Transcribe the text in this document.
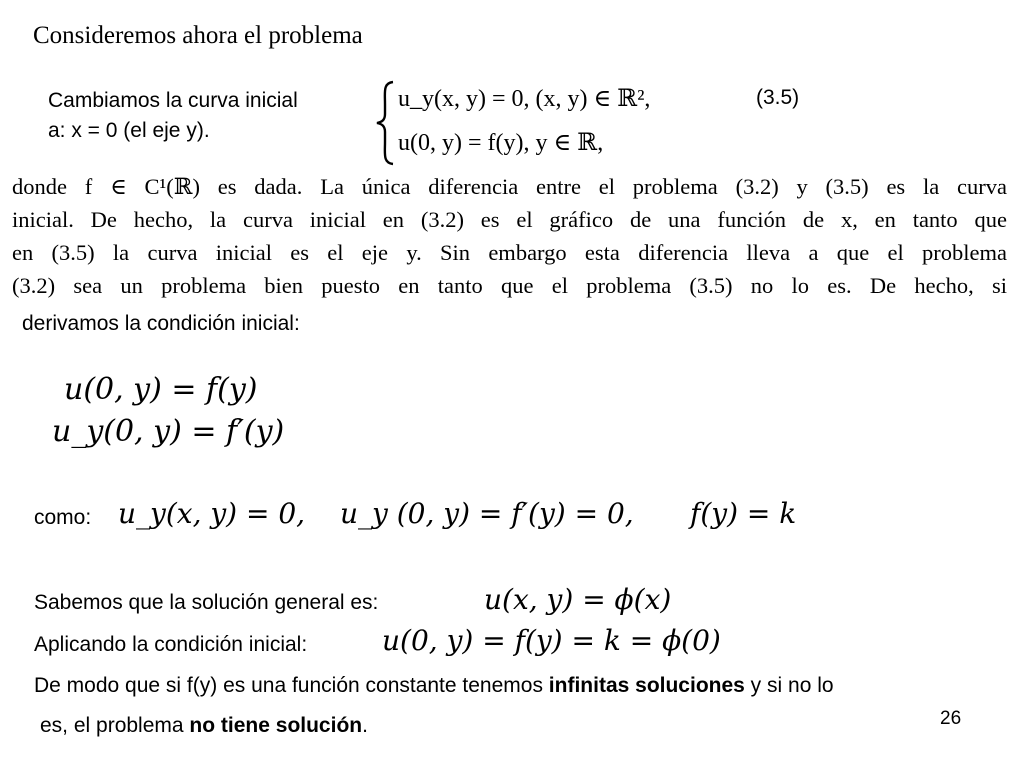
Consideremos ahora el problema
Cambiamos la curva inicial
a: x = 0 (el eje y).
u_y(x, y) = 0, (x, y) ∈ ℝ²,
u(0, y) = f(y), y ∈ ℝ,
(3.5)
donde f ∈ C¹(ℝ) es dada. La única diferencia entre el problema (3.2) y (3.5) es la curva
inicial. De hecho, la curva inicial en (3.2) es el gráfico de una función de x, en tanto que
en (3.5) la curva inicial es el eje y. Sin embargo esta diferencia lleva a que el problema
(3.2) sea un problema bien puesto en tanto que el problema (3.5) no lo es. De hecho, si
derivamos la condición inicial:
u(0, y) = f(y)
u_y(0, y) = f′(y)
como: u_y(x, y) = 0, u_y (0, y) = f′(y) = 0, f(y) = k
Sabemos que la solución general es:	u(x, y) = ϕ(x)
Aplicando la condición inicial:	u(0, y) = f(y) = k = ϕ(0)
De modo que si f(y) es una función constante tenemos infinitas soluciones y si no lo
es, el problema no tiene solución.	26
